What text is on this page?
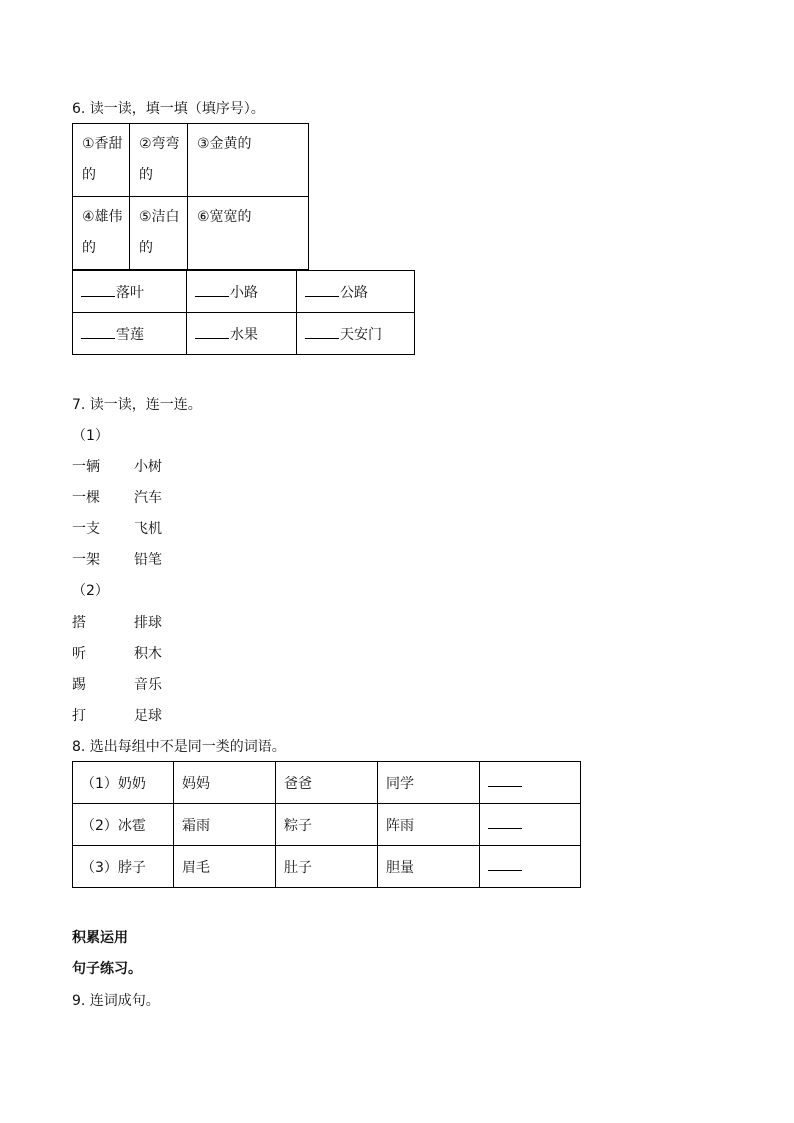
6. 读一读，填一填（填序号）。
①香甜的	②弯弯的	③金黄的
④雄伟的	⑤洁白的	⑥宽宽的
落叶	小路	公路
雪莲	水果	天安门
7. 读一读，连一连。
（1）
一辆 小树
一棵 汽车
一支 飞机
一架 铅笔
（2）
搭	排球
听	积木
踢	音乐
打	足球
8. 选出每组中不是同一类的词语。
（1）奶奶	妈妈	爸爸	同学	
（2）冰雹	霜雨	粽子	阵雨	
（3）脖子	眉毛	肚子	胆量	
积累运用
句子练习。
9. 连词成句。
